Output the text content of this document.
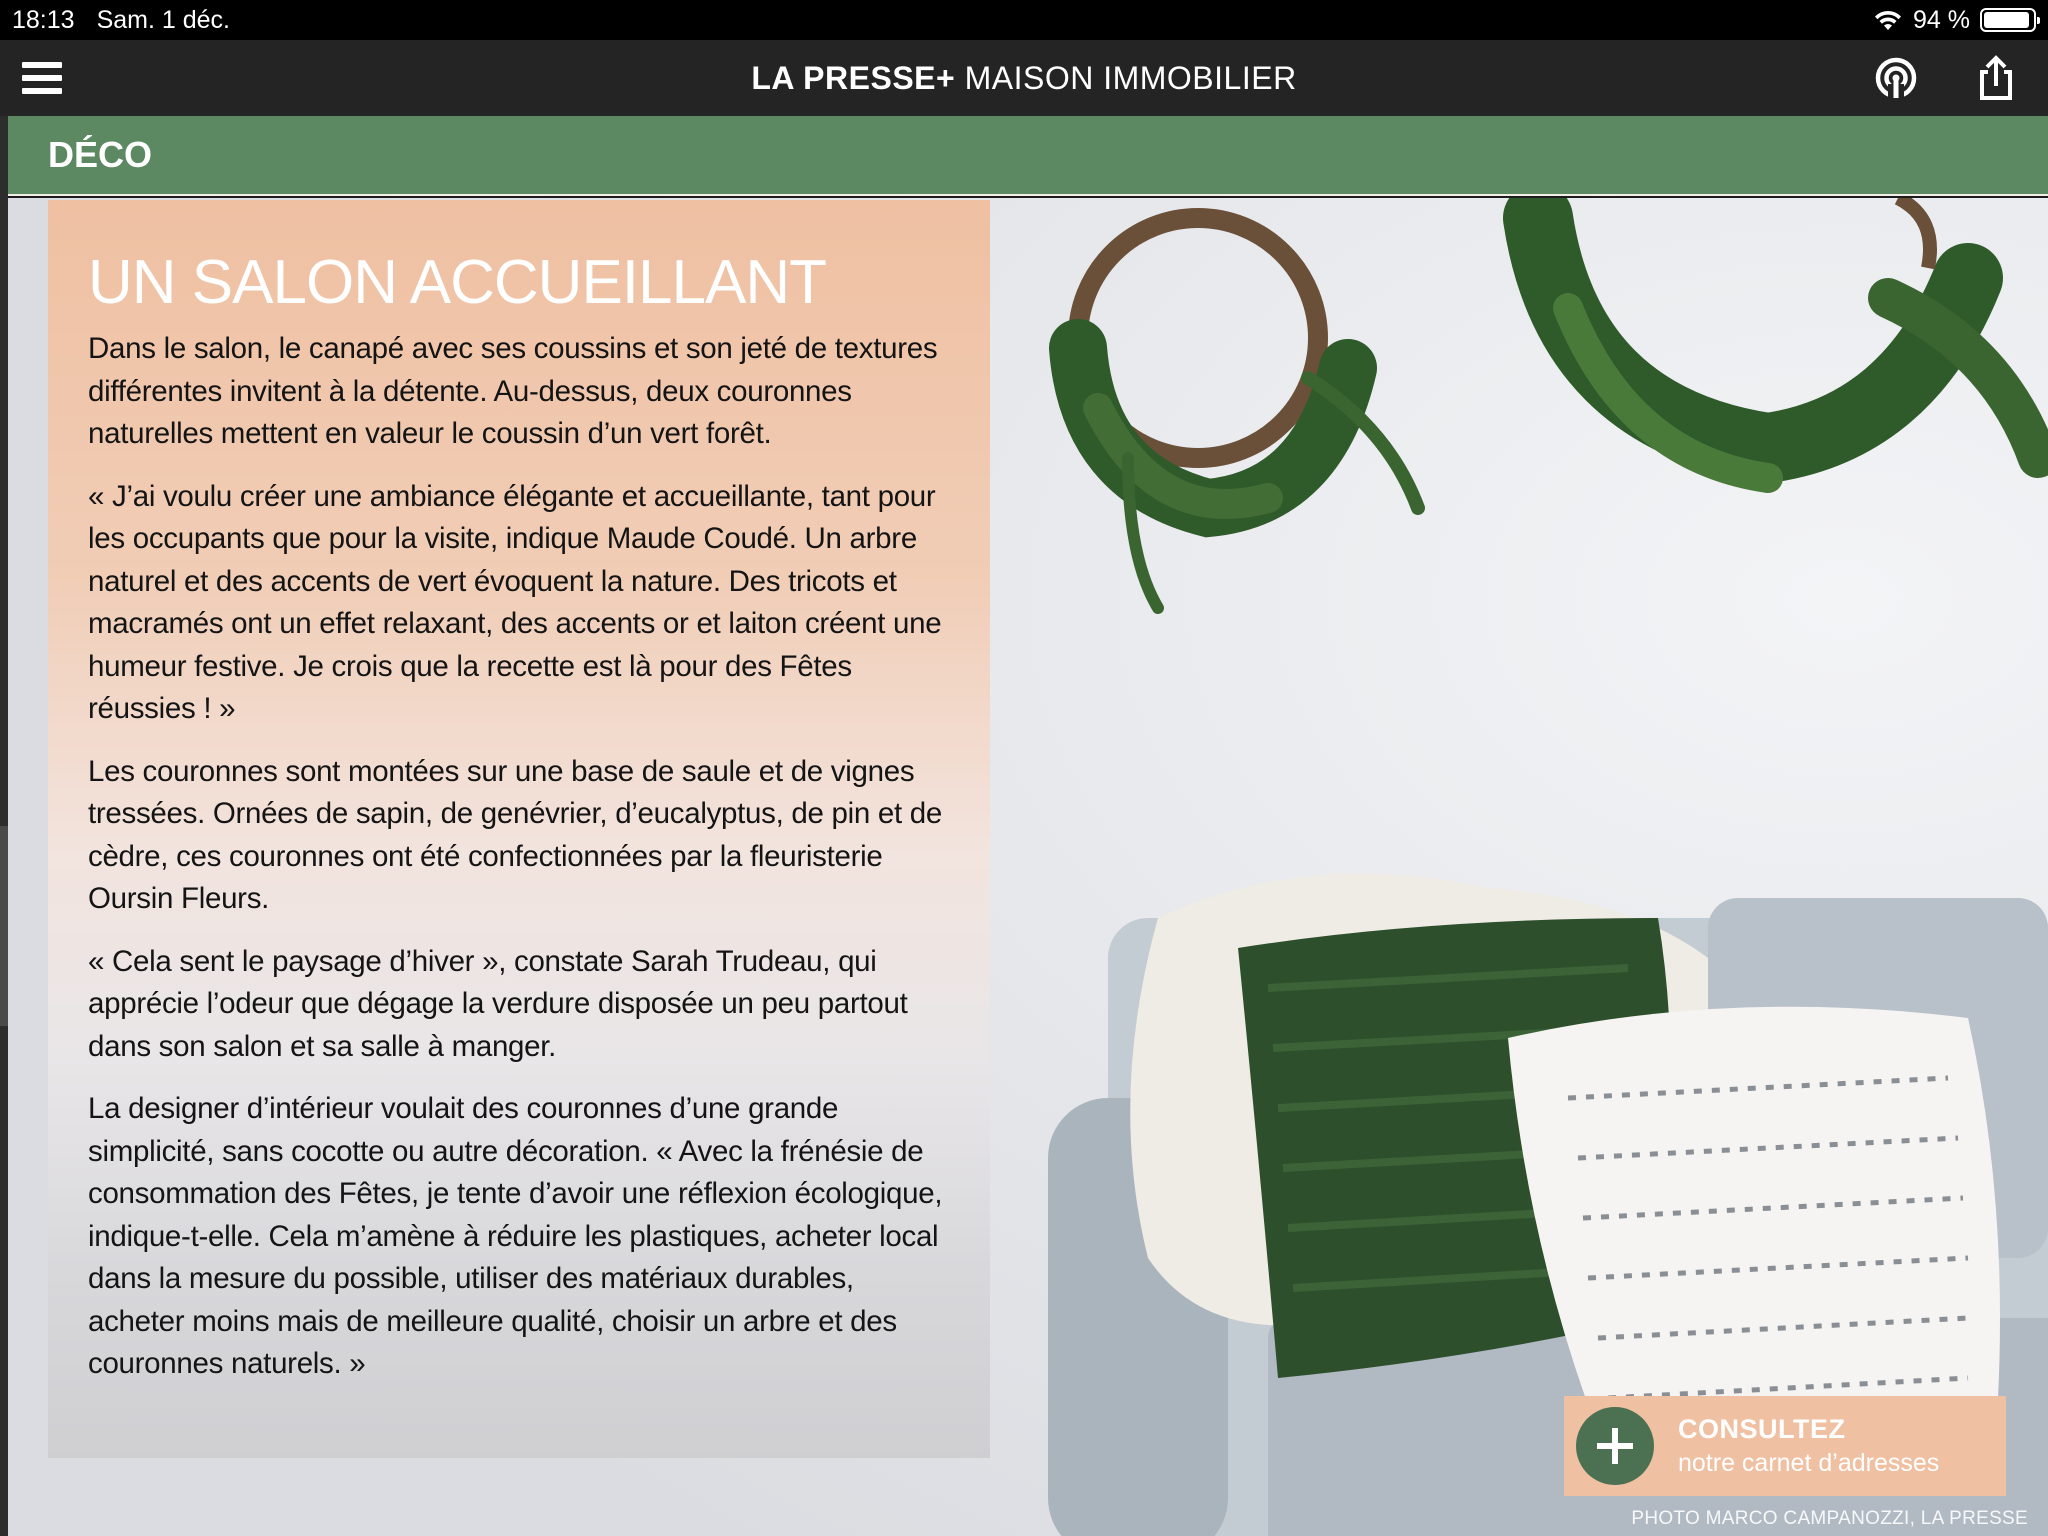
18:13 Sam. 1 déc.	94 %
LA PRESSE+ MAISON IMMOBILIER
DÉCO
PHOTO MARCO CAMPANOZZI, LA PRESSE
UN SALON ACCUEILLANT

Dans le salon, le canapé avec ses coussins et son jeté de textures différentes invitent à la détente. Au-dessus, deux couronnes naturelles mettent en valeur le coussin d’un vert forêt.

« J’ai voulu créer une ambiance élégante et accueillante, tant pour les occupants que pour la visite, indique Maude Coudé. Un arbre naturel et des accents de vert évoquent la nature. Des tricots et macramés ont un effet relaxant, des accents or et laiton créent une humeur festive. Je crois que la recette est là pour des Fêtes réussies ! »

Les couronnes sont montées sur une base de saule et de vignes tressées. Ornées de sapin, de genévrier, d’eucalyptus, de pin et de cèdre, ces couronnes ont été confectionnées par la fleuristerie Oursin Fleurs.

« Cela sent le paysage d’hiver », constate Sarah Trudeau, qui apprécie l’odeur que dégage la verdure disposée un peu partout dans son salon et sa salle à manger.

La designer d’intérieur voulait des couronnes d’une grande simplicité, sans cocotte ou autre décoration. « Avec la frénésie de consommation des Fêtes, je tente d’avoir une réflexion écologique, indique-t-elle. Cela m’amène à réduire les plastiques, acheter local dans la mesure du possible, utiliser des matériaux durables, acheter moins mais de meilleure qualité, choisir un arbre et des couronnes naturels. »

CONSULTEZ
notre carnet d’adresses
